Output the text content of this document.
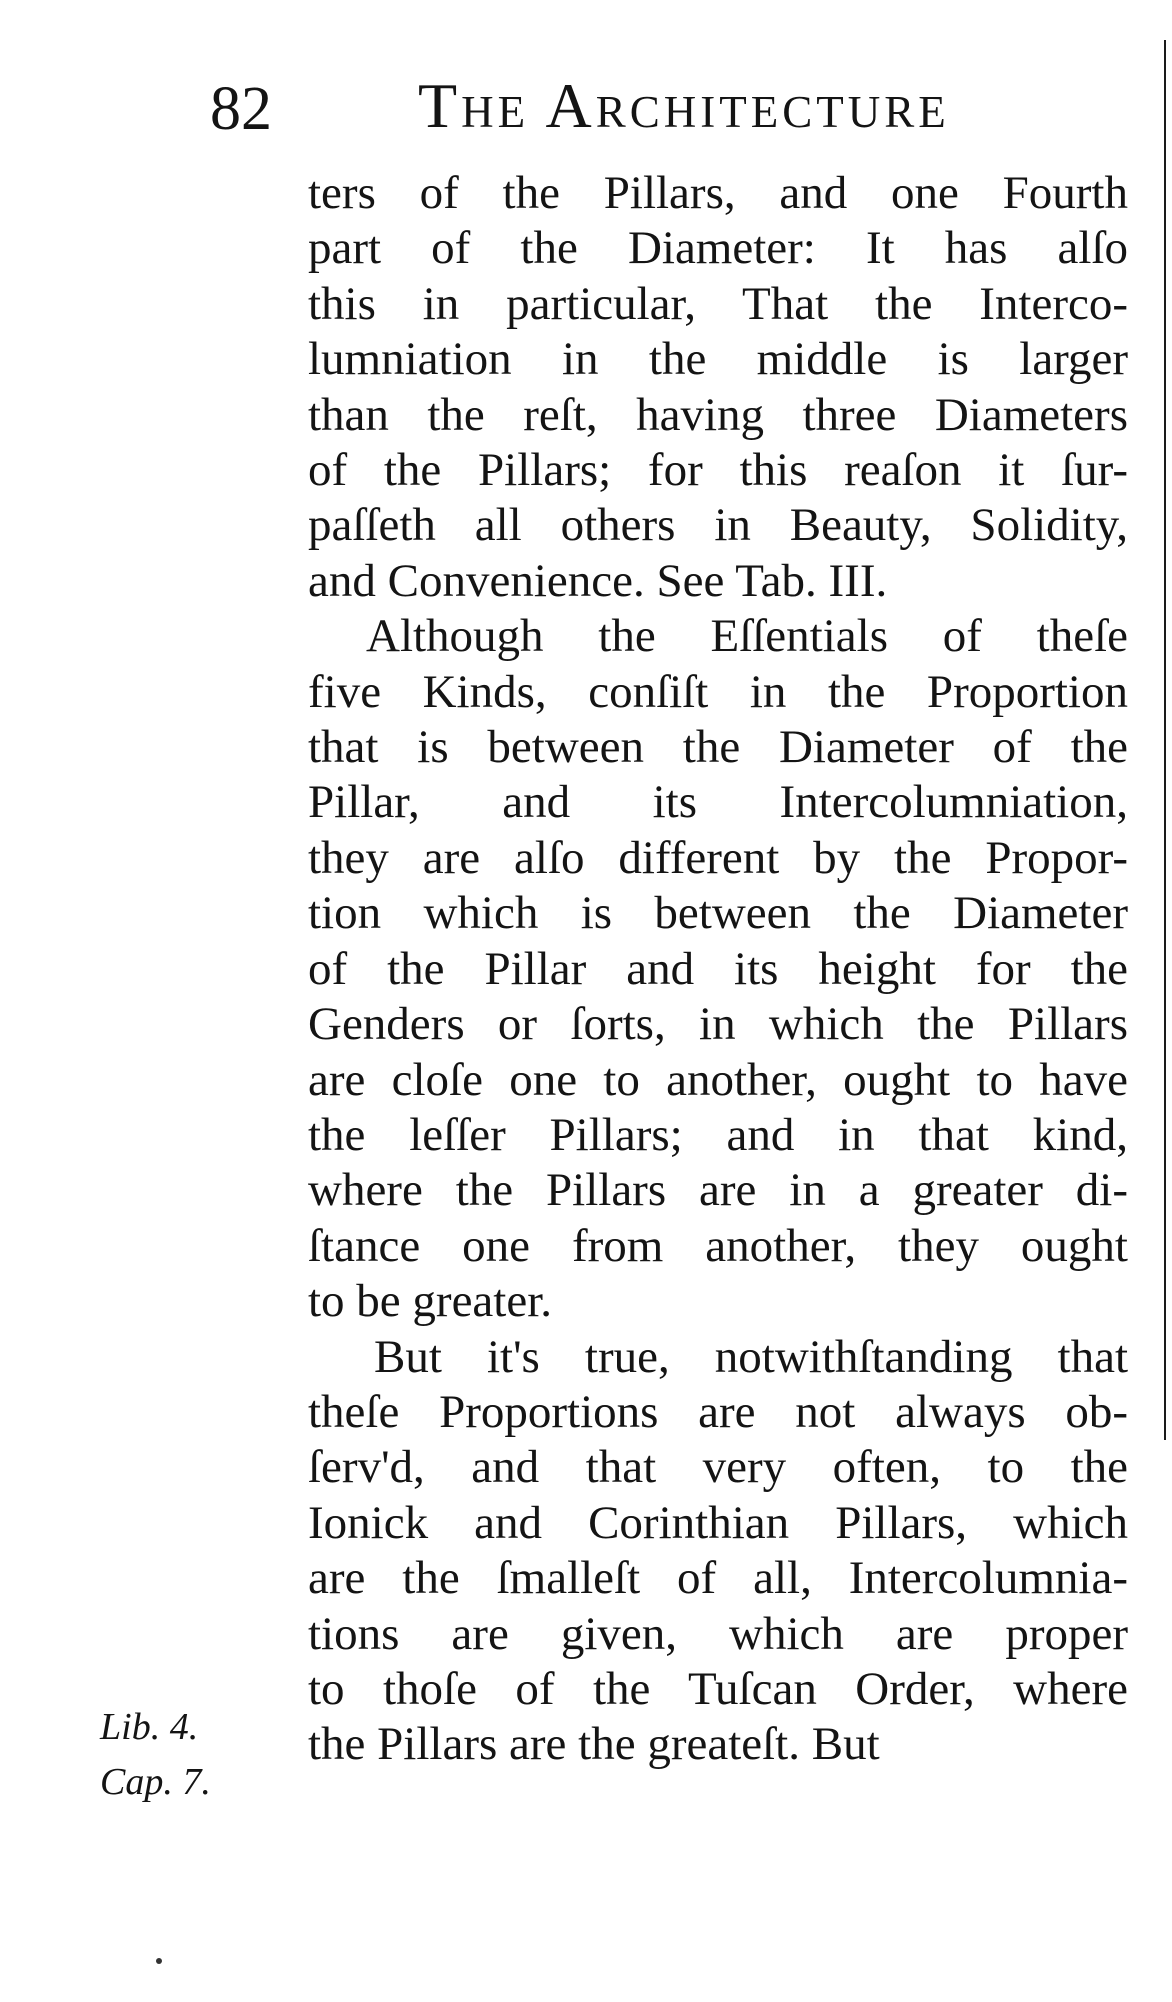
82 The Architecture
ters of the Pillars, and one Fourth
part of the Diameter: It has alſo
this in particular, That the Interco-
lumniation in the middle is larger
than the reſt, having three Diameters
of the Pillars; for this reaſon it ſur-
paſſeth all others in Beauty, Solidity,
and Convenience. See Tab. III.
Although the Eſſentials of theſe
five Kinds, conſiſt in the Proportion
that is between the Diameter of the
Pillar, and its Intercolumniation,
they are alſo different by the Propor-
tion which is between the Diameter
of the Pillar and its height for the
Genders or ſorts, in which the Pillars
are cloſe one to another, ought to have
the leſſer Pillars; and in that kind,
where the Pillars are in a greater di-
ſtance one from another, they ought
to be greater.
But it's true, notwithſtanding that
theſe Proportions are not always ob-
ſerv'd, and that very often, to the
Ionick and Corinthian Pillars, which
are the ſmalleſt of all, Intercolumnia-
tions are given, which are proper
to thoſe of the Tuſcan Order, where
the Pillars are the greateſt. But
Lib. 4.
Cap. 7.
